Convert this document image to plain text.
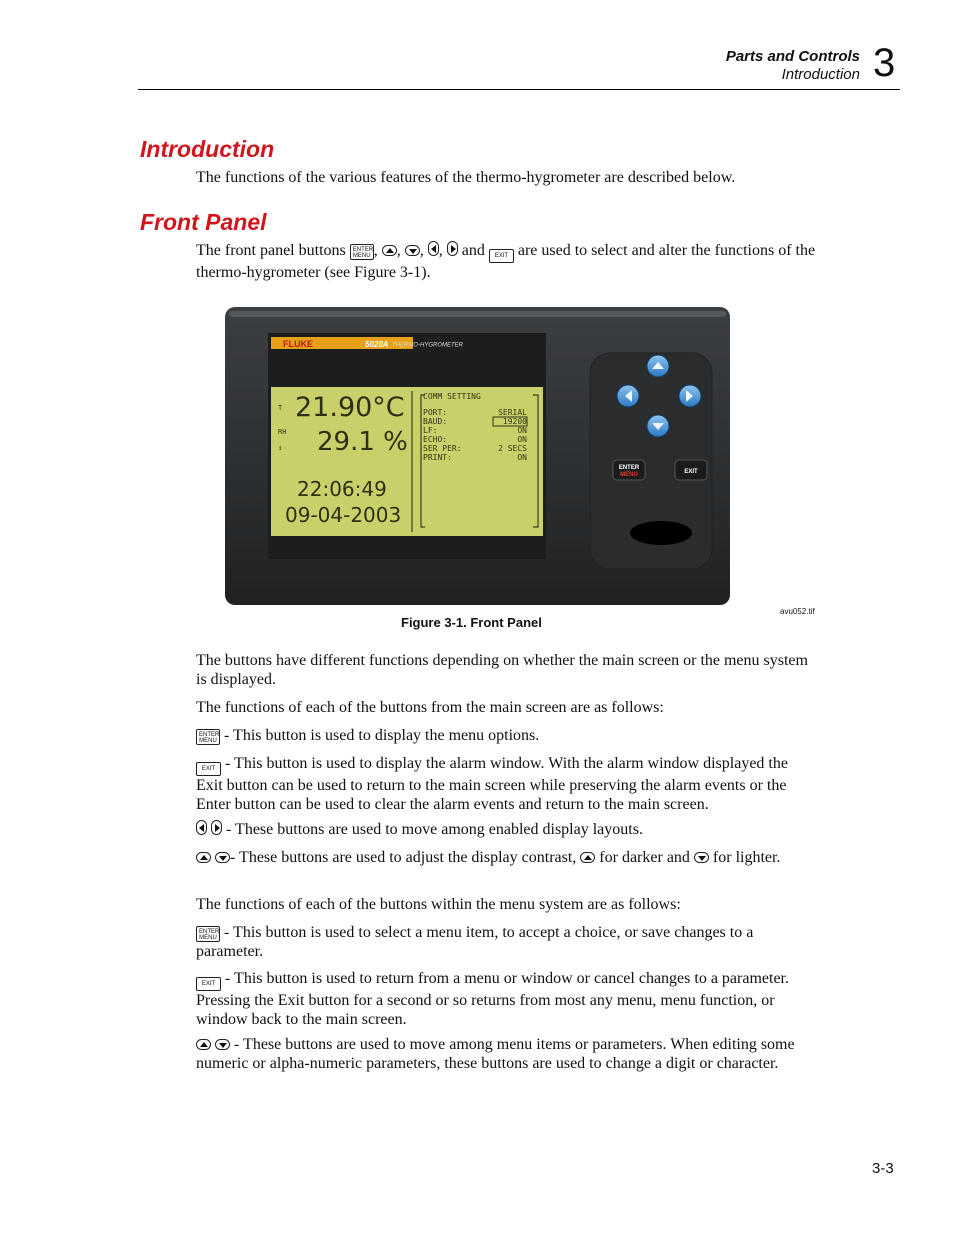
Parts and Controls
Introduction 3
Introduction

The functions of the various features of the thermo-hygrometer are described below.

Front Panel

The front panel buttons ENTER
MENU , , , ,  and EXIT are used to select and alter the functions of the thermo-hygrometer (see Figure 3-1).

FLUKE	5020A THERMO-HYGROMETER
T 21.90°C
RH
↕ 29.1 %
22:06:49
09-04-2003
COMM SETTING
PORT:	SERIAL
BAUD:	19200
LF:	ON
ECHO:	ON
SER PER:	2 SECS
PRINT:	ON
ENTER
MENU	EXIT
avu052.tif
Figure 3-1. Front Panel

The buttons have different functions depending on whether the main screen or the menu system is displayed.

The functions of each of the buttons from the main screen are as follows:

ENTER
MENU - This button is used to display the menu options.

EXIT - This button is used to display the alarm window. With the alarm window displayed the Exit button can be used to return to the main screen while preserving the alarm events or the Enter button can be used to clear the alarm events and return to the main screen.

- These buttons are used to move among enabled display layouts.

- These buttons are used to adjust the display contrast,  for darker and  for lighter.

The functions of each of the buttons within the menu system are as follows:

ENTER
MENU - This button is used to select a menu item, to accept a choice, or save changes to a parameter.

EXIT - This button is used to return from a menu or window or cancel changes to a parameter. Pressing the Exit button for a second or so returns from most any menu, menu function, or window back to the main screen.

- These buttons are used to move among menu items or parameters. When editing some numeric or alpha-numeric parameters, these buttons are used to change a digit or character.

3-3
